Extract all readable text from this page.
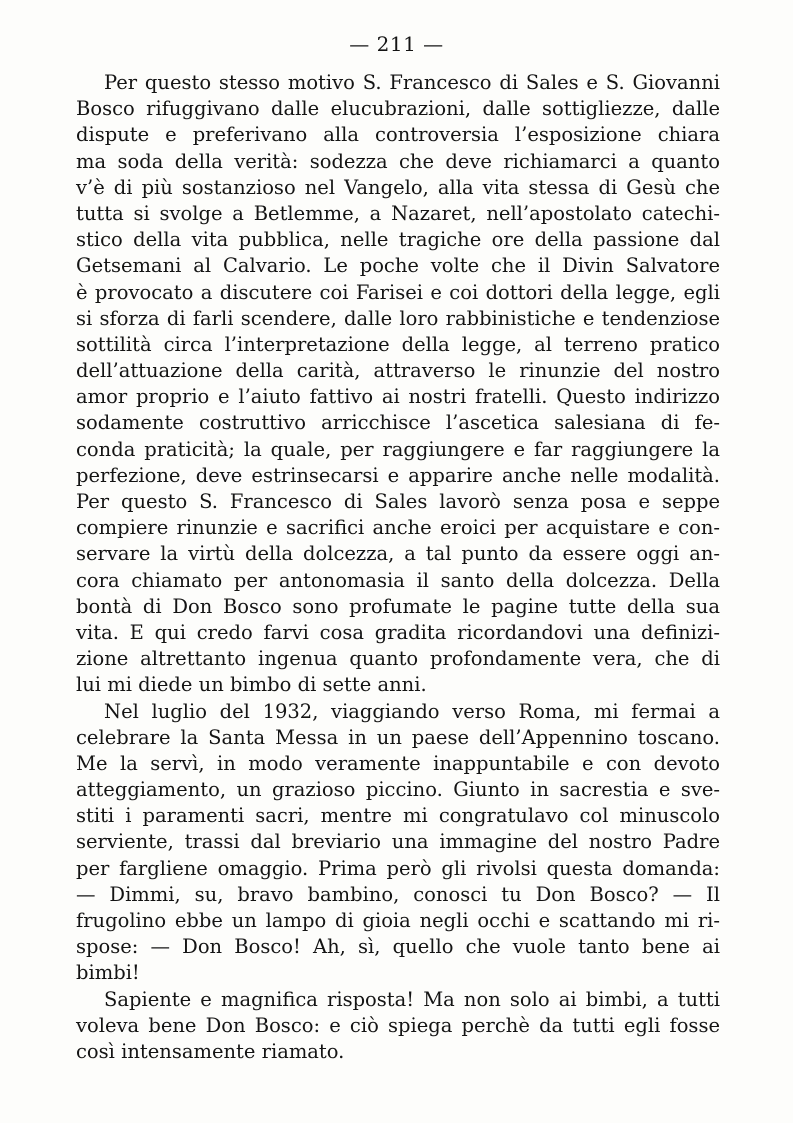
— 211 —
Per questo stesso motivo S. Francesco di Sales e S. Giovanni
Bosco rifuggivano dalle elucubrazioni, dalle sottigliezze, dalle
dispute e preferivano alla controversia l’esposizione chiara
ma soda della verità: sodezza che deve richiamarci a quanto
v’è di più sostanzioso nel Vangelo, alla vita stessa di Gesù che
tutta si svolge a Betlemme, a Nazaret, nell’apostolato catechi-
stico della vita pubblica, nelle tragiche ore della passione dal
Getsemani al Calvario. Le poche volte che il Divin Salvatore
è provocato a discutere coi Farisei e coi dottori della legge, egli
si sforza di farli scendere, dalle loro rabbinistiche e tendenziose
sottilità circa l’interpretazione della legge, al terreno pratico
dell’attuazione della carità, attraverso le rinunzie del nostro
amor proprio e l’aiuto fattivo ai nostri fratelli. Questo indirizzo
sodamente costruttivo arricchisce l’ascetica salesiana di fe-
conda praticità; la quale, per raggiungere e far raggiungere la
perfezione, deve estrinsecarsi e apparire anche nelle modalità.
Per questo S. Francesco di Sales lavorò senza posa e seppe
compiere rinunzie e sacrifici anche eroici per acquistare e con-
servare la virtù della dolcezza, a tal punto da essere oggi an-
cora chiamato per antonomasia il santo della dolcezza. Della
bontà di Don Bosco sono profumate le pagine tutte della sua
vita. E qui credo farvi cosa gradita ricordandovi una definizi-
zione altrettanto ingenua quanto profondamente vera, che di
lui mi diede un bimbo di sette anni.
Nel luglio del 1932, viaggiando verso Roma, mi fermai a
celebrare la Santa Messa in un paese dell’Appennino toscano.
Me la servì, in modo veramente inappuntabile e con devoto
atteggiamento, un grazioso piccino. Giunto in sacrestia e sve-
stiti i paramenti sacri, mentre mi congratulavo col minuscolo
serviente, trassi dal breviario una immagine del nostro Padre
per fargliene omaggio. Prima però gli rivolsi questa domanda:
— Dimmi, su, bravo bambino, conosci tu Don Bosco? — Il
frugolino ebbe un lampo di gioia negli occhi e scattando mi ri-
spose: — Don Bosco! Ah, sì, quello che vuole tanto bene ai
bimbi!
Sapiente e magnifica risposta! Ma non solo ai bimbi, a tutti
voleva bene Don Bosco: e ciò spiega perchè da tutti egli fosse
così intensamente riamato.
